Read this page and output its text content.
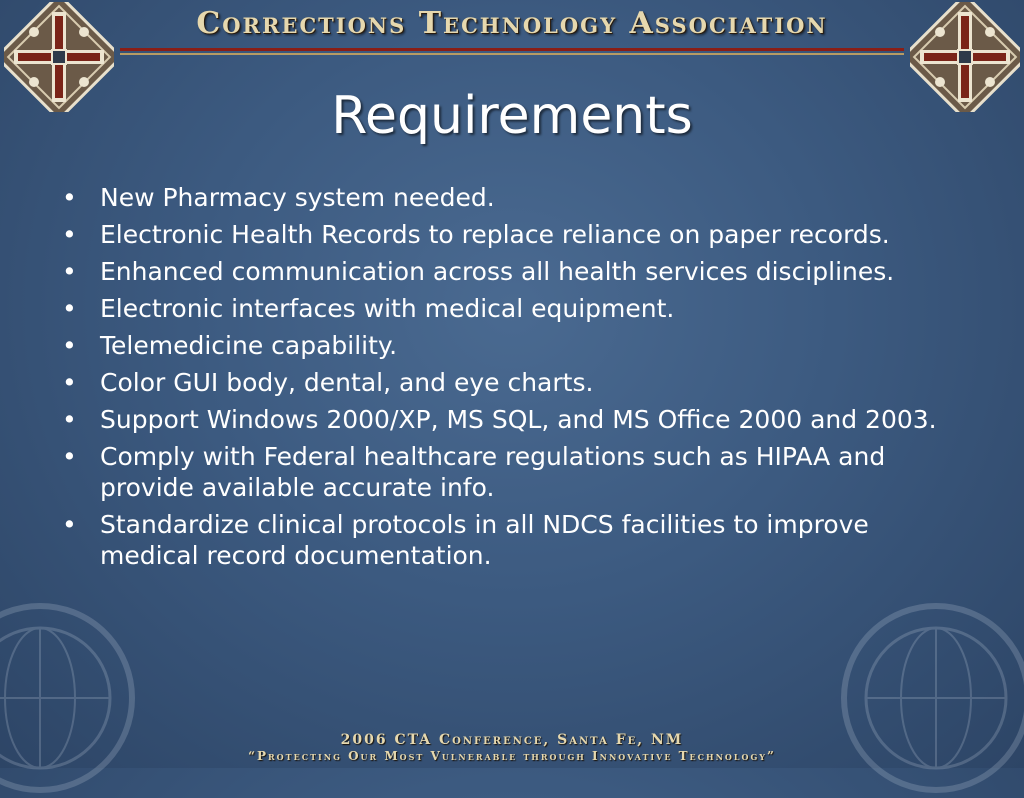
Corrections Technology Association
Requirements
• New Pharmacy system needed.
• Electronic Health Records to replace reliance on paper records.
• Enhanced communication across all health services disciplines.
• Electronic interfaces with medical equipment.
• Telemedicine capability.
• Color GUI body, dental, and eye charts.
• Support Windows 2000/XP, MS SQL, and MS Office 2000 and 2003.
• Comply with Federal healthcare regulations such as HIPAA and provide available accurate info.
• Standardize clinical protocols in all NDCS facilities to improve medical record documentation.
2006 CTA Conference, Santa Fe, NM
“Protecting Our Most Vulnerable through Innovative Technology”
